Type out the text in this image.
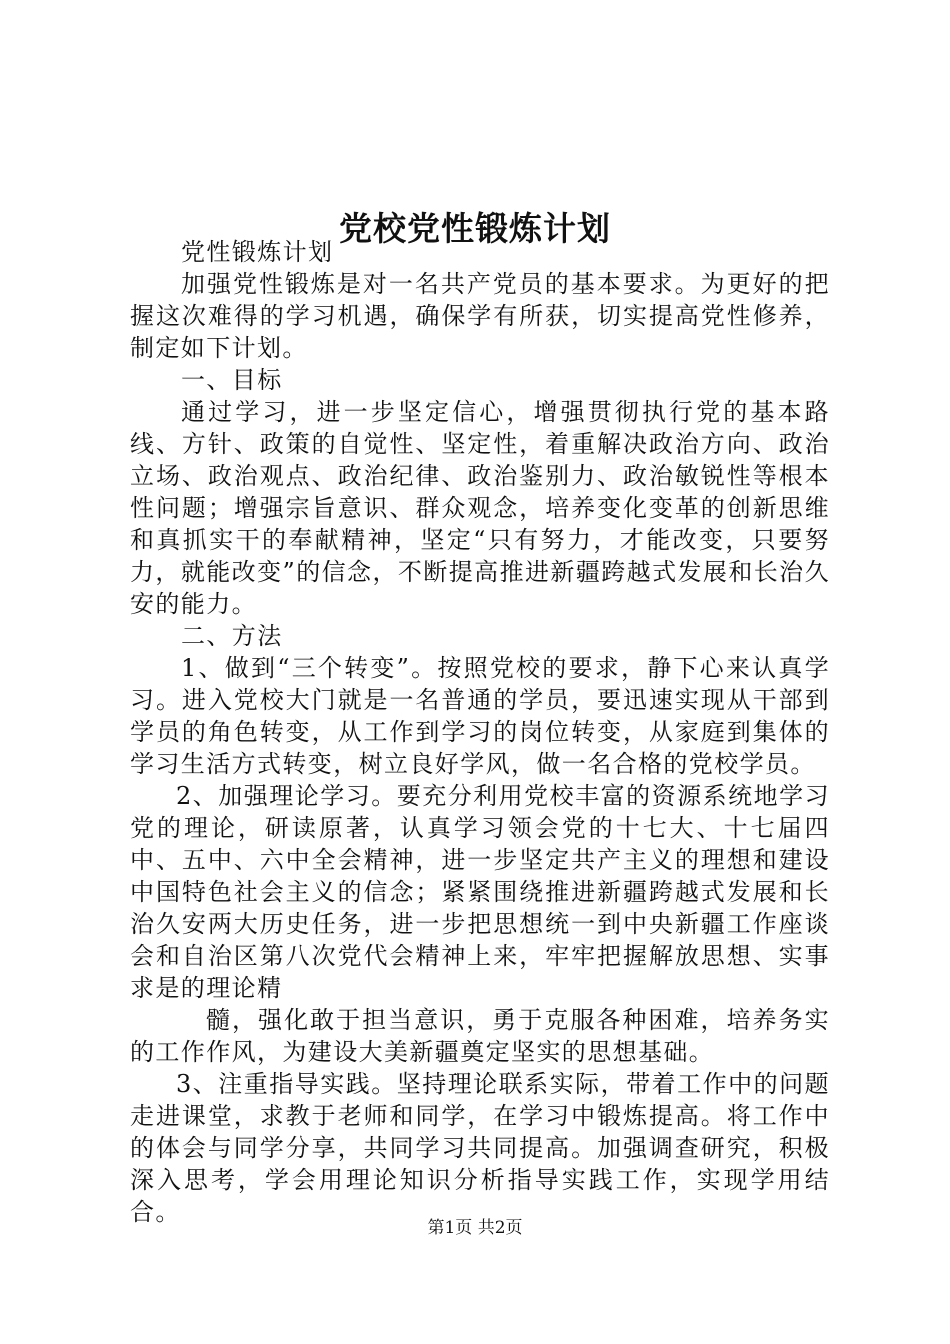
党校党性锻炼计划

党性锻炼计划

加强党性锻炼是对一名共产党员的基本要求。为更好的把握这次难得的学习机遇，确保学有所获，切实提高党性修养，制定如下计划。

一、目标

通过学习，进一步坚定信心，增强贯彻执行党的基本路线、方针、政策的自觉性、坚定性，着重解决政治方向、政治立场、政治观点、政治纪律、政治鉴别力、政治敏锐性等根本性问题；增强宗旨意识、群众观念，培养变化变革的创新思维和真抓实干的奉献精神，坚定“只有努力，才能改变，只要努力，就能改变”的信念，不断提高推进新疆跨越式发展和长治久安的能力。

二、方法

1、做到“三个转变”。按照党校的要求，静下心来认真学习。进入党校大门就是一名普通的学员，要迅速实现从干部到学员的角色转变，从工作到学习的岗位转变，从家庭到集体的学习生活方式转变，树立良好学风，做一名合格的党校学员。

2、加强理论学习。要充分利用党校丰富的资源系统地学习党的理论，研读原著，认真学习领会党的十七大、十七届四中、五中、六中全会精神，进一步坚定共产主义的理想和建设中国特色社会主义的信念；紧紧围绕推进新疆跨越式发展和长治久安两大历史任务，进一步把思想统一到中央新疆工作座谈会和自治区第八次党代会精神上来，牢牢把握解放思想、实事求是的理论精

髓，强化敢于担当意识，勇于克服各种困难，培养务实的工作作风，为建设大美新疆奠定坚实的思想基础。

3、注重指导实践。坚持理论联系实际，带着工作中的问题走进课堂，求教于老师和同学，在学习中锻炼提高。将工作中的体会与同学分享，共同学习共同提高。加强调查研究，积极深入思考，学会用理论知识分析指导实践工作，实现学用结合。

第1页 共2页
